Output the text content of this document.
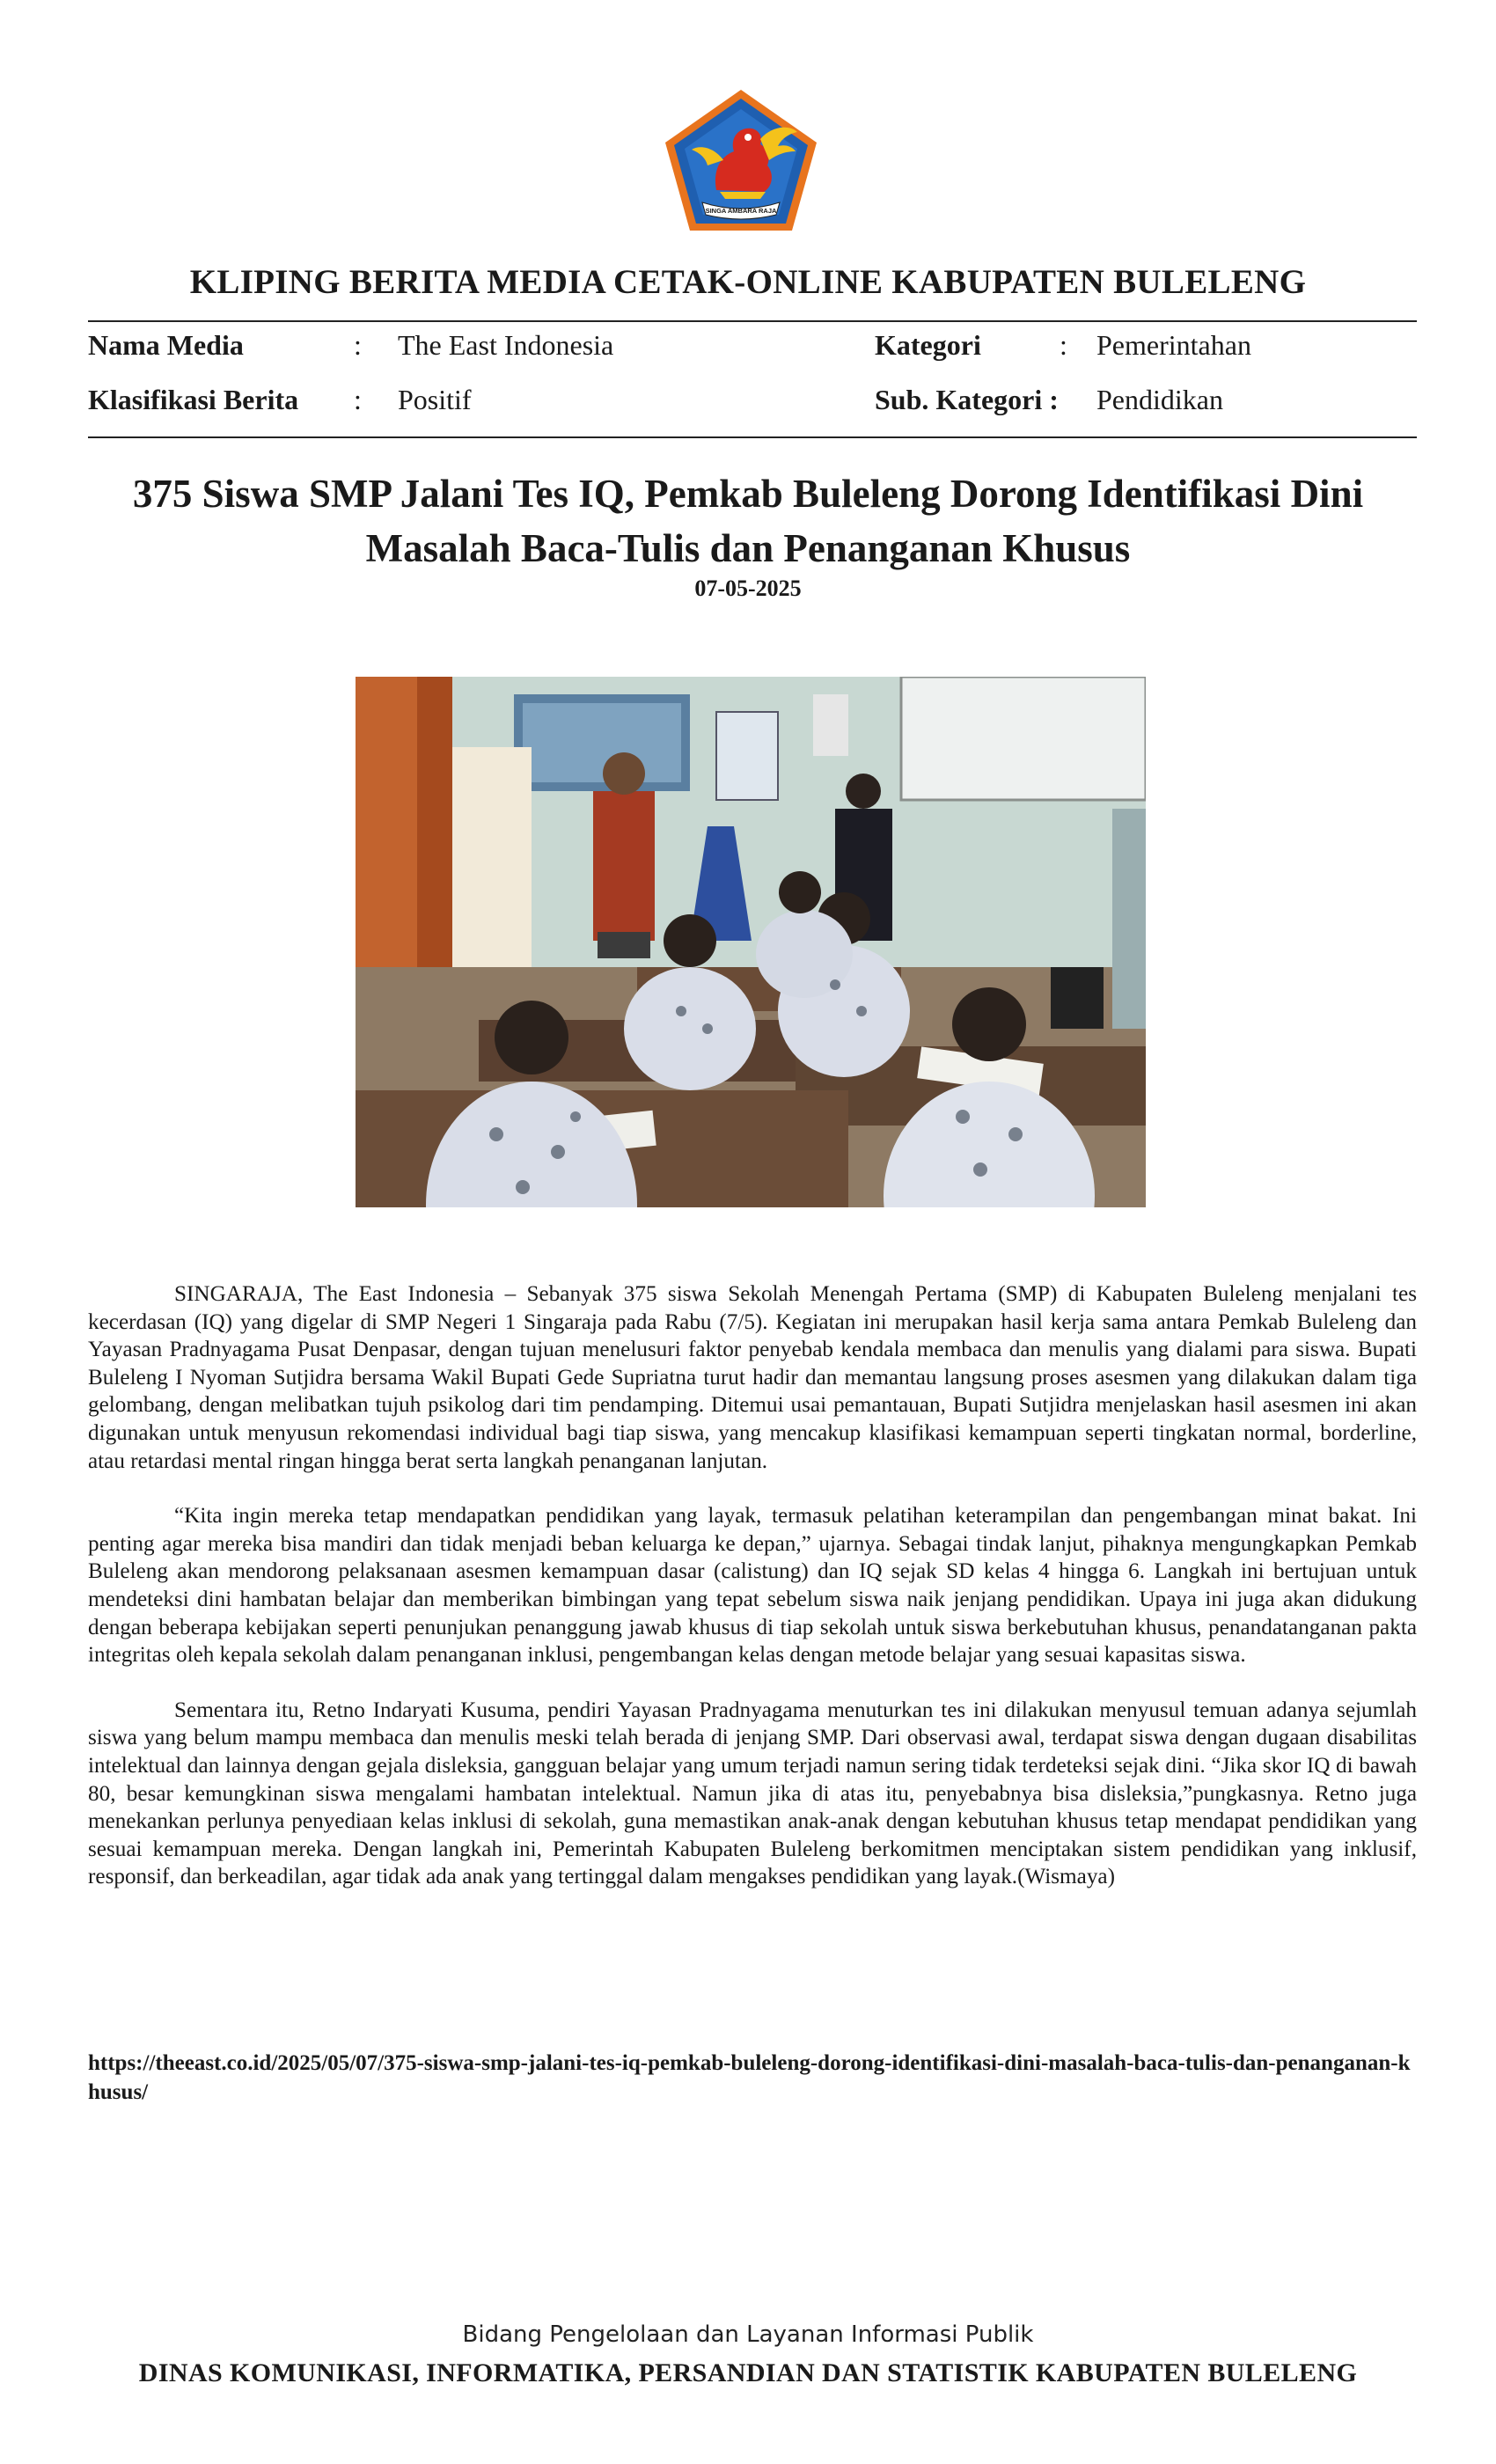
SINGA AMBARA RAJA
KLIPING BERITA MEDIA CETAK-ONLINE KABUPATEN BULELENG
Nama Media	: The East Indonesia	Kategori	: Pemerintahan
Klasifikasi Berita : Positif	Sub. Kategori : Pendidikan
375 Siswa SMP Jalani Tes IQ, Pemkab Buleleng Dorong Identifikasi Dini Masalah Baca-Tulis dan Penanganan Khusus
07-05-2025

SINGARAJA, The East Indonesia – Sebanyak 375 siswa Sekolah Menengah Pertama (SMP) di Kabupaten Buleleng menjalani tes kecerdasan (IQ) yang digelar di SMP Negeri 1 Singaraja pada Rabu (7/5). Kegiatan ini merupakan hasil kerja sama antara Pemkab Buleleng dan Yayasan Pradnyagama Pusat Denpasar, dengan tujuan menelusuri faktor penyebab kendala membaca dan menulis yang dialami para siswa. Bupati Buleleng I Nyoman Sutjidra bersama Wakil Bupati Gede Supriatna turut hadir dan memantau langsung proses asesmen yang dilakukan dalam tiga gelombang, dengan melibatkan tujuh psikolog dari tim pendamping. Ditemui usai pemantauan, Bupati Sutjidra menjelaskan hasil asesmen ini akan digunakan untuk menyusun rekomendasi individual bagi tiap siswa, yang mencakup klasifikasi kemampuan seperti tingkatan normal, borderline, atau retardasi mental ringan hingga berat serta langkah penanganan lanjutan.

“Kita ingin mereka tetap mendapatkan pendidikan yang layak, termasuk pelatihan keterampilan dan pengembangan minat bakat. Ini penting agar mereka bisa mandiri dan tidak menjadi beban keluarga ke depan,” ujarnya. Sebagai tindak lanjut, pihaknya mengungkapkan Pemkab Buleleng akan mendorong pelaksanaan asesmen kemampuan dasar (calistung) dan IQ sejak SD kelas 4 hingga 6. Langkah ini bertujuan untuk mendeteksi dini hambatan belajar dan memberikan bimbingan yang tepat sebelum siswa naik jenjang pendidikan. Upaya ini juga akan didukung dengan beberapa kebijakan seperti penunjukan penanggung jawab khusus di tiap sekolah untuk siswa berkebutuhan khusus, penandatanganan pakta integritas oleh kepala sekolah dalam penanganan inklusi, pengembangan kelas dengan metode belajar yang sesuai kapasitas siswa.

Sementara itu, Retno Indaryati Kusuma, pendiri Yayasan Pradnyagama menuturkan tes ini dilakukan menyusul temuan adanya sejumlah siswa yang belum mampu membaca dan menulis meski telah berada di jenjang SMP. Dari observasi awal, terdapat siswa dengan dugaan disabilitas intelektual dan lainnya dengan gejala disleksia, gangguan belajar yang umum terjadi namun sering tidak terdeteksi sejak dini. “Jika skor IQ di bawah 80, besar kemungkinan siswa mengalami hambatan intelektual. Namun jika di atas itu, penyebabnya bisa disleksia,”pungkasnya. Retno juga menekankan perlunya penyediaan kelas inklusi di sekolah, guna memastikan anak-anak dengan kebutuhan khusus tetap mendapat pendidikan yang sesuai kemampuan mereka. Dengan langkah ini, Pemerintah Kabupaten Buleleng berkomitmen menciptakan sistem pendidikan yang inklusif, responsif, dan berkeadilan, agar tidak ada anak yang tertinggal dalam mengakses pendidikan yang layak.(Wismaya)

https://theeast.co.id/2025/05/07/375-siswa-smp-jalani-tes-iq-pemkab-buleleng-dorong-identifikasi-dini-masalah-baca-tulis-dan-penanganan-khusus/
Bidang Pengelolaan dan Layanan Informasi Publik
DINAS KOMUNIKASI, INFORMATIKA, PERSANDIAN DAN STATISTIK KABUPATEN BULELENG
